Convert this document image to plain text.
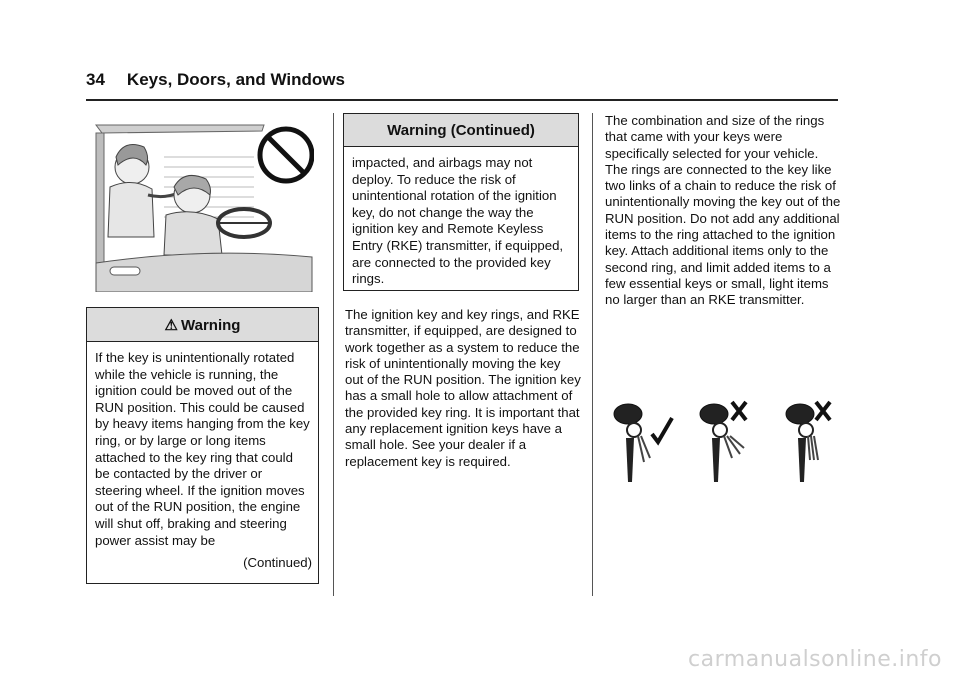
34 Keys, Doors, and Windows
⚠ Warning
If the key is unintentionally rotated while the vehicle is running, the ignition could be moved out of the RUN position. This could be caused by heavy items hanging from the key ring, or by large or long items attached to the key ring that could be contacted by the driver or steering wheel. If the ignition moves out of the RUN position, the engine will shut off, braking and steering power assist may be
(Continued)
Warning (Continued)
impacted, and airbags may not deploy. To reduce the risk of unintentional rotation of the ignition key, do not change the way the ignition key and Remote Keyless Entry (RKE) transmitter, if equipped, are connected to the provided key rings.
The ignition key and key rings, and RKE transmitter, if equipped, are designed to work together as a system to reduce the risk of unintentionally moving the key out of the RUN position. The ignition key has a small hole to allow attachment of the provided key ring. It is important that any replacement ignition keys have a small hole. See your dealer if a replacement key is required.
The combination and size of the rings that came with your keys were specifically selected for your vehicle. The rings are connected to the key like two links of a chain to reduce the risk of unintentionally moving the key out of the RUN position. Do not add any additional items to the ring attached to the ignition key. Attach additional items only to the second ring, and limit added items to a few essential keys or small, light items no larger than an RKE transmitter.
carmanualsonline.info
